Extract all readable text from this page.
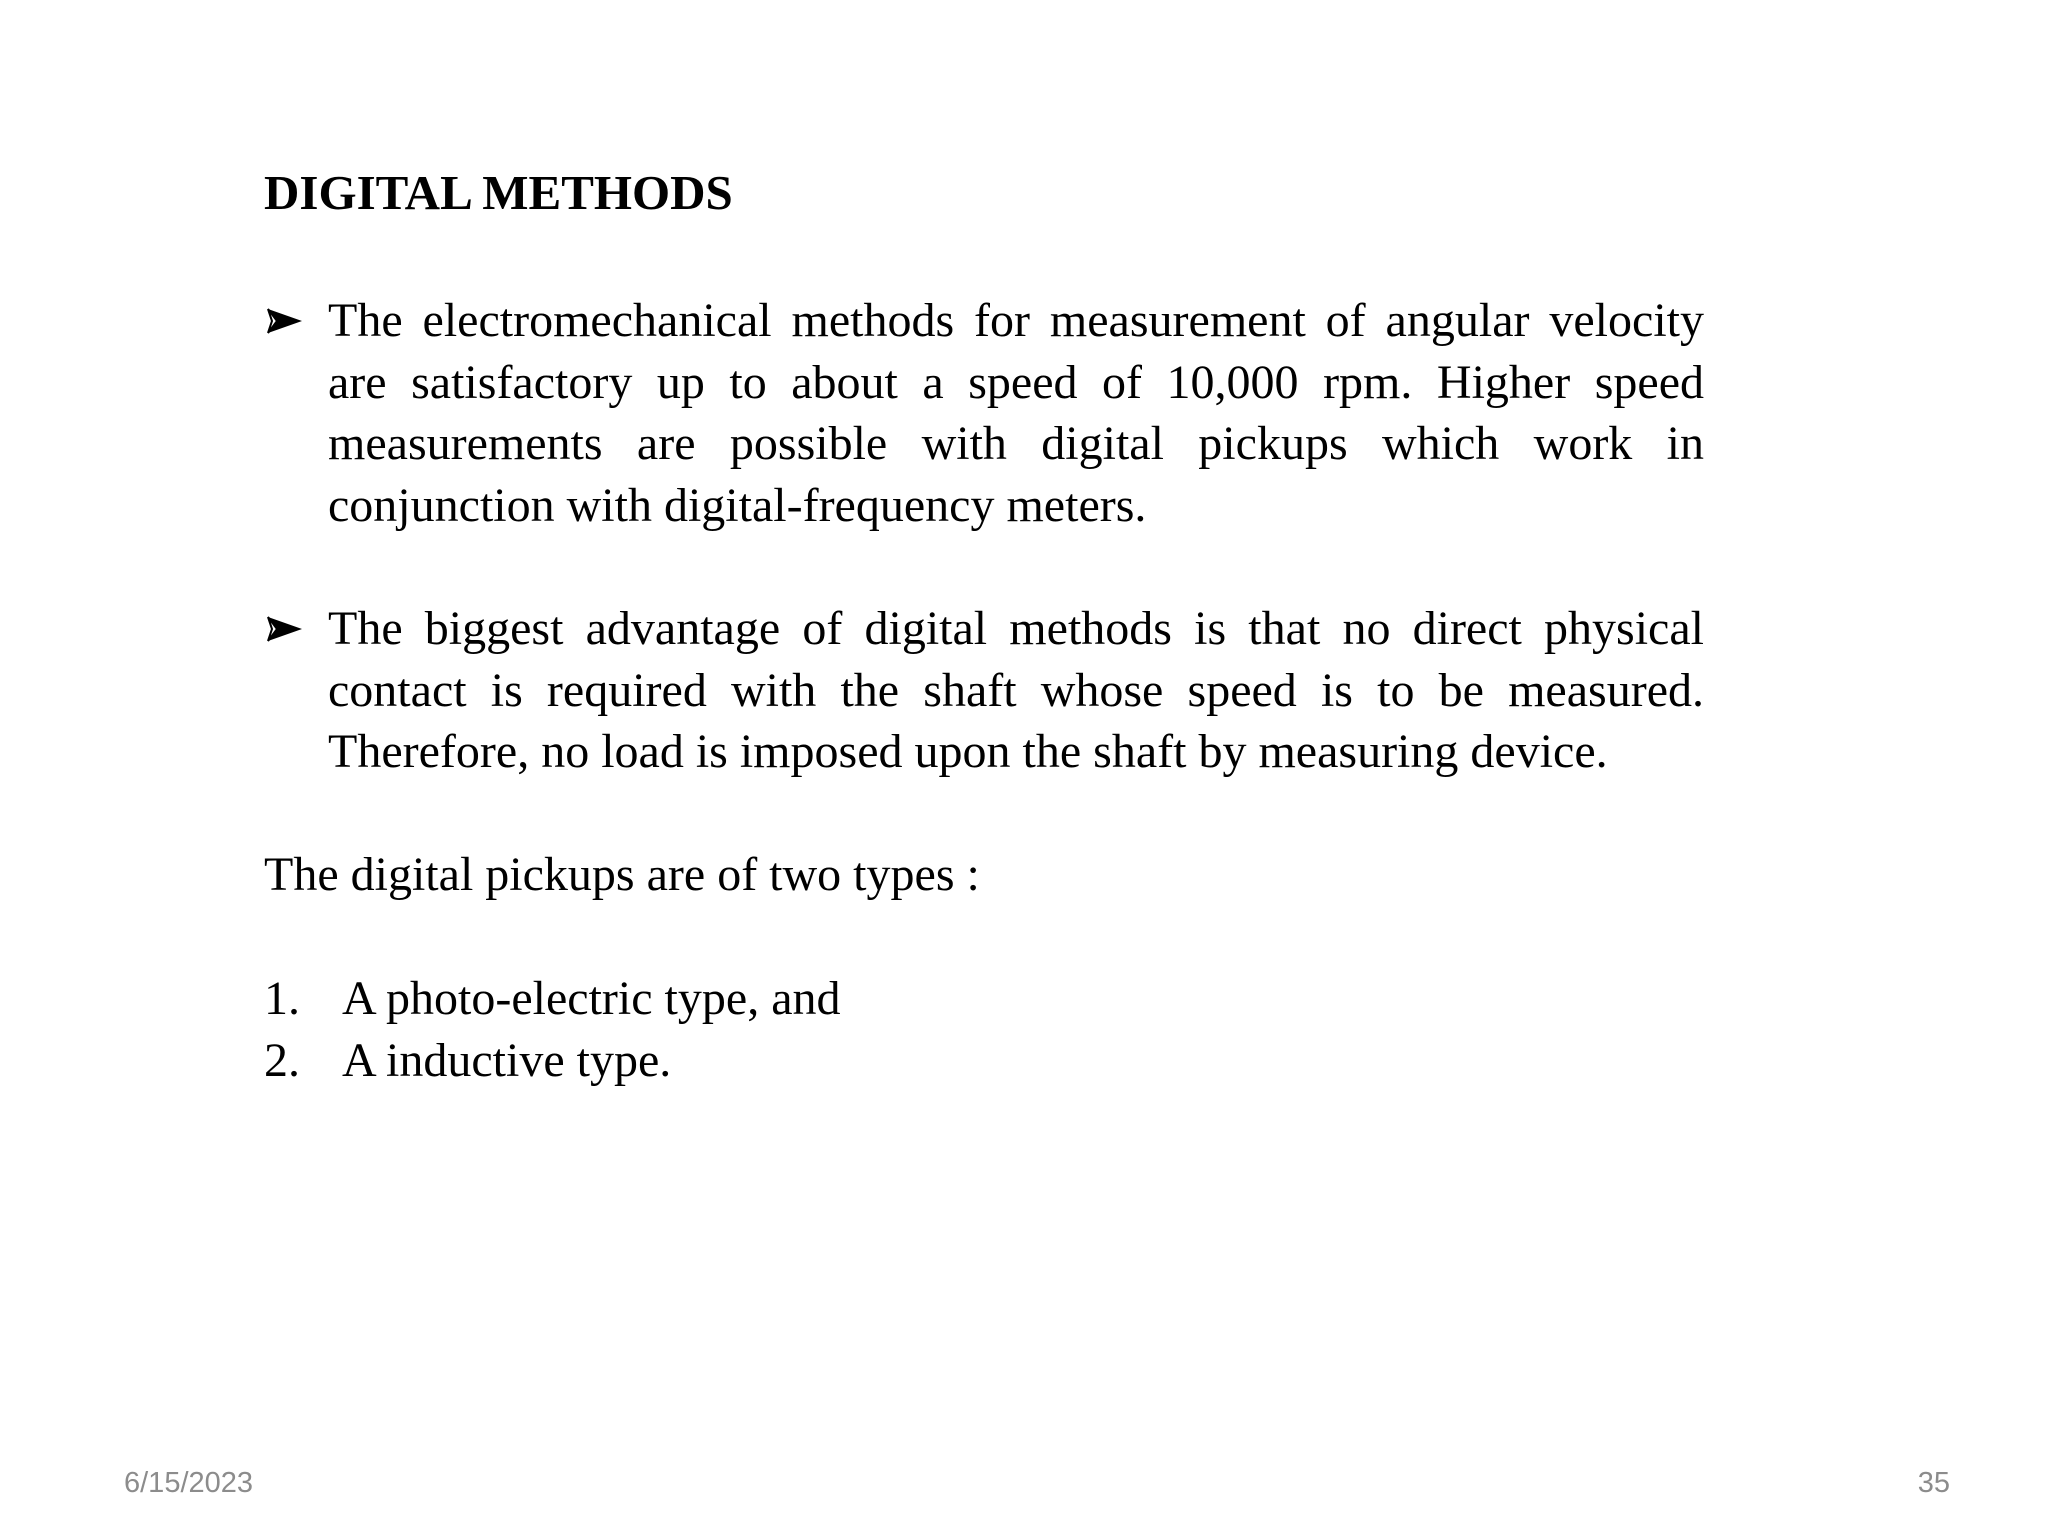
DIGITAL METHODS
The electromechanical methods for measurement of angular velocity are satisfactory up to about a speed of 10,000 rpm. Higher speed measurements are possible with digital pickups which work in conjunction with digital-frequency meters.
The biggest advantage of digital methods is that no direct physical contact is required with the shaft whose speed is to be measured. Therefore, no load is imposed upon the shaft by measuring device.
The digital pickups are of two types :
1. A photo-electric type, and
2. A inductive type.
6/15/2023	35
